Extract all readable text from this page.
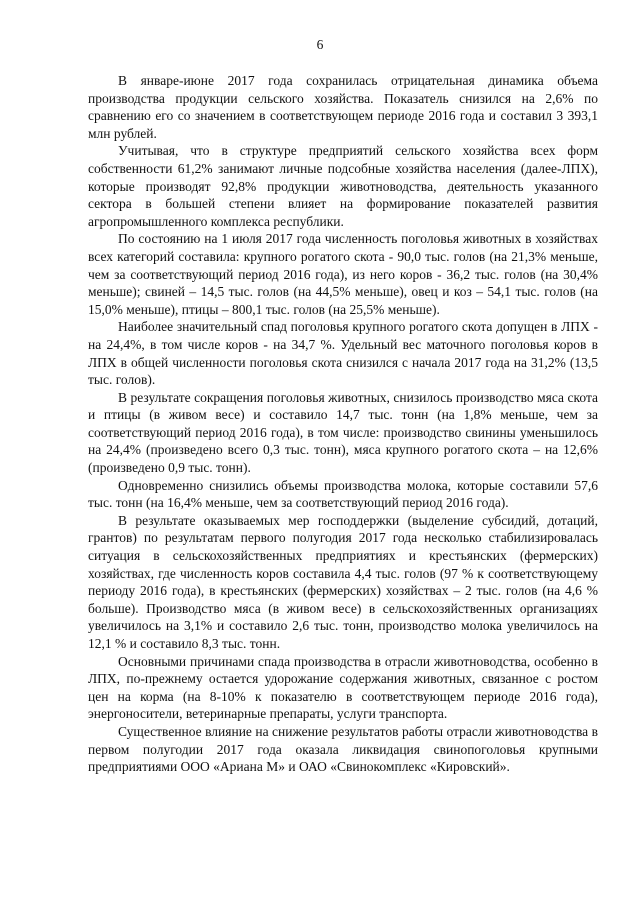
6

В январе-июне 2017 года сохранилась отрицательная динамика объема производства продукции сельского хозяйства. Показатель снизился на 2,6% по сравнению его со значением в соответствующем периоде 2016 года и составил 3 393,1 млн рублей.

Учитывая, что в структуре предприятий сельского хозяйства всех форм собственности 61,2% занимают личные подсобные хозяйства населения (далее-ЛПХ), которые производят 92,8% продукции животноводства, деятельность указанного сектора в большей степени влияет на формирование показателей развития агропромышленного комплекса республики.

По состоянию на 1 июля 2017 года численность поголовья животных в хозяйствах всех категорий составила: крупного рогатого скота - 90,0 тыс. голов (на 21,3% меньше, чем за соответствующий период 2016 года), из него коров - 36,2 тыс. голов (на 30,4% меньше); свиней – 14,5 тыс. голов (на 44,5% меньше), овец и коз – 54,1 тыс. голов (на 15,0% меньше), птицы – 800,1 тыс. голов (на 25,5% меньше).

Наиболее значительный спад поголовья крупного рогатого скота допущен в ЛПХ - на 24,4%, в том числе коров - на 34,7 %. Удельный вес маточного поголовья коров в ЛПХ в общей численности поголовья скота снизился с начала 2017 года на 31,2% (13,5 тыс. голов).

В результате сокращения поголовья животных, снизилось производство мяса скота и птицы (в живом весе) и составило 14,7 тыс. тонн (на 1,8% меньше, чем за соответствующий период 2016 года), в том числе: производство свинины уменьшилось на 24,4% (произведено всего 0,3 тыс. тонн), мяса крупного рогатого скота – на 12,6% (произведено 0,9 тыс. тонн).

Одновременно снизились объемы производства молока, которые составили 57,6 тыс. тонн (на 16,4% меньше, чем за соответствующий период 2016 года).

В результате оказываемых мер господдержки (выделение субсидий, дотаций, грантов) по результатам первого полугодия 2017 года несколько стабилизировалась ситуация в сельскохозяйственных предприятиях и крестьянских (фермерских) хозяйствах, где численность коров составила 4,4 тыс. голов (97 % к соответствующему периоду 2016 года), в крестьянских (фермерских) хозяйствах – 2 тыс. голов (на 4,6 % больше). Производство мяса (в живом весе) в сельскохозяйственных организациях увеличилось на 3,1% и составило 2,6 тыс. тонн, производство молока увеличилось на 12,1 % и составило 8,3 тыс. тонн.

Основными причинами спада производства в отрасли животноводства, особенно в ЛПХ, по-прежнему остается удорожание содержания животных, связанное с ростом цен на корма (на 8-10% к показателю в соответствующем периоде 2016 года), энергоносители, ветеринарные препараты, услуги транспорта.

Существенное влияние на снижение результатов работы отрасли животноводства в первом полугодии 2017 года оказала ликвидация свинопоголовья крупными предприятиями ООО «Ариана М» и ОАО «Свинокомплекс «Кировский».
